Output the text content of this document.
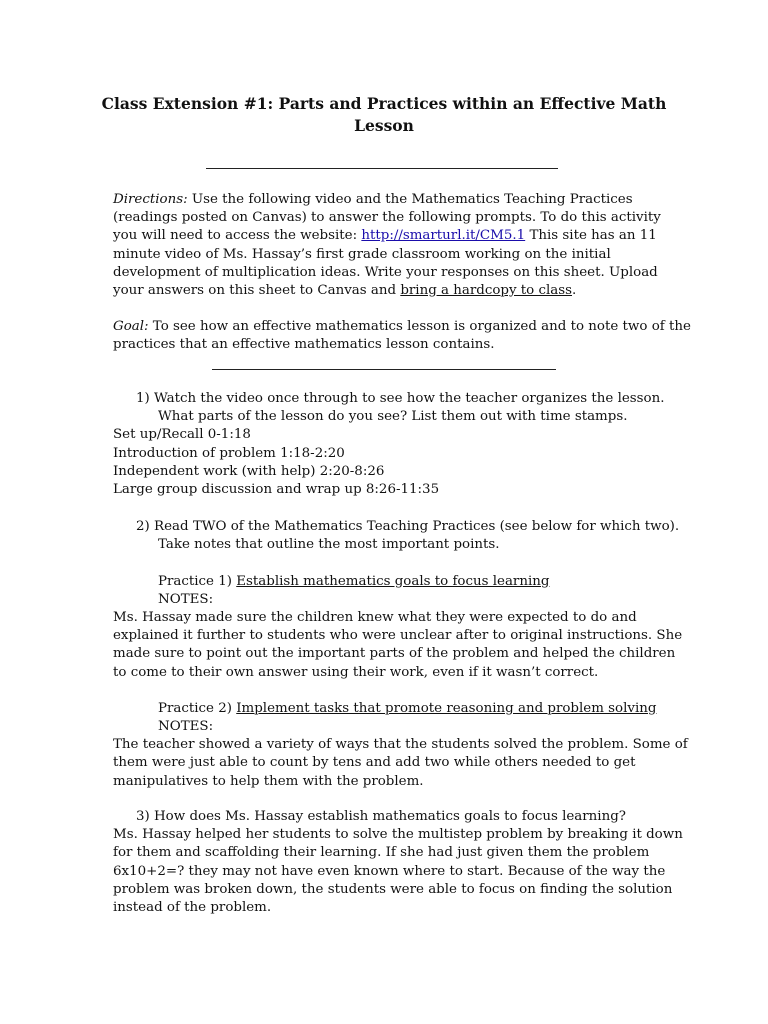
Class Extension #1: Parts and Practices within an Effective Math
Lesson
Directions: Use the following video and the Mathematics Teaching Practices
(readings posted on Canvas) to answer the following prompts. To do this activity
you will need to access the website: http://smarturl.it/CM5.1 This site has an 11
minute video of Ms. Hassay’s first grade classroom working on the initial
development of multiplication ideas. Write your responses on this sheet. Upload
your answers on this sheet to Canvas and bring a hardcopy to class.
Goal: To see how an effective mathematics lesson is organized and to note two of the
practices that an effective mathematics lesson contains.
1) Watch the video once through to see how the teacher organizes the lesson.
What parts of the lesson do you see? List them out with time stamps.
Set up/Recall 0-1:18
Introduction of problem 1:18-2:20
Independent work (with help) 2:20-8:26
Large group discussion and wrap up 8:26-11:35
2) Read TWO of the Mathematics Teaching Practices (see below for which two).
Take notes that outline the most important points.
Practice 1) Establish mathematics goals to focus learning
NOTES:
Ms. Hassay made sure the children knew what they were expected to do and
explained it further to students who were unclear after to original instructions. She
made sure to point out the important parts of the problem and helped the children
to come to their own answer using their work, even if it wasn’t correct.
Practice 2) Implement tasks that promote reasoning and problem solving
NOTES:
The teacher showed a variety of ways that the students solved the problem. Some of
them were just able to count by tens and add two while others needed to get
manipulatives to help them with the problem.
3) How does Ms. Hassay establish mathematics goals to focus learning?
Ms. Hassay helped her students to solve the multistep problem by breaking it down
for them and scaffolding their learning. If she had just given them the problem
6x10+2=? they may not have even known where to start. Because of the way the
problem was broken down, the students were able to focus on finding the solution
instead of the problem.
